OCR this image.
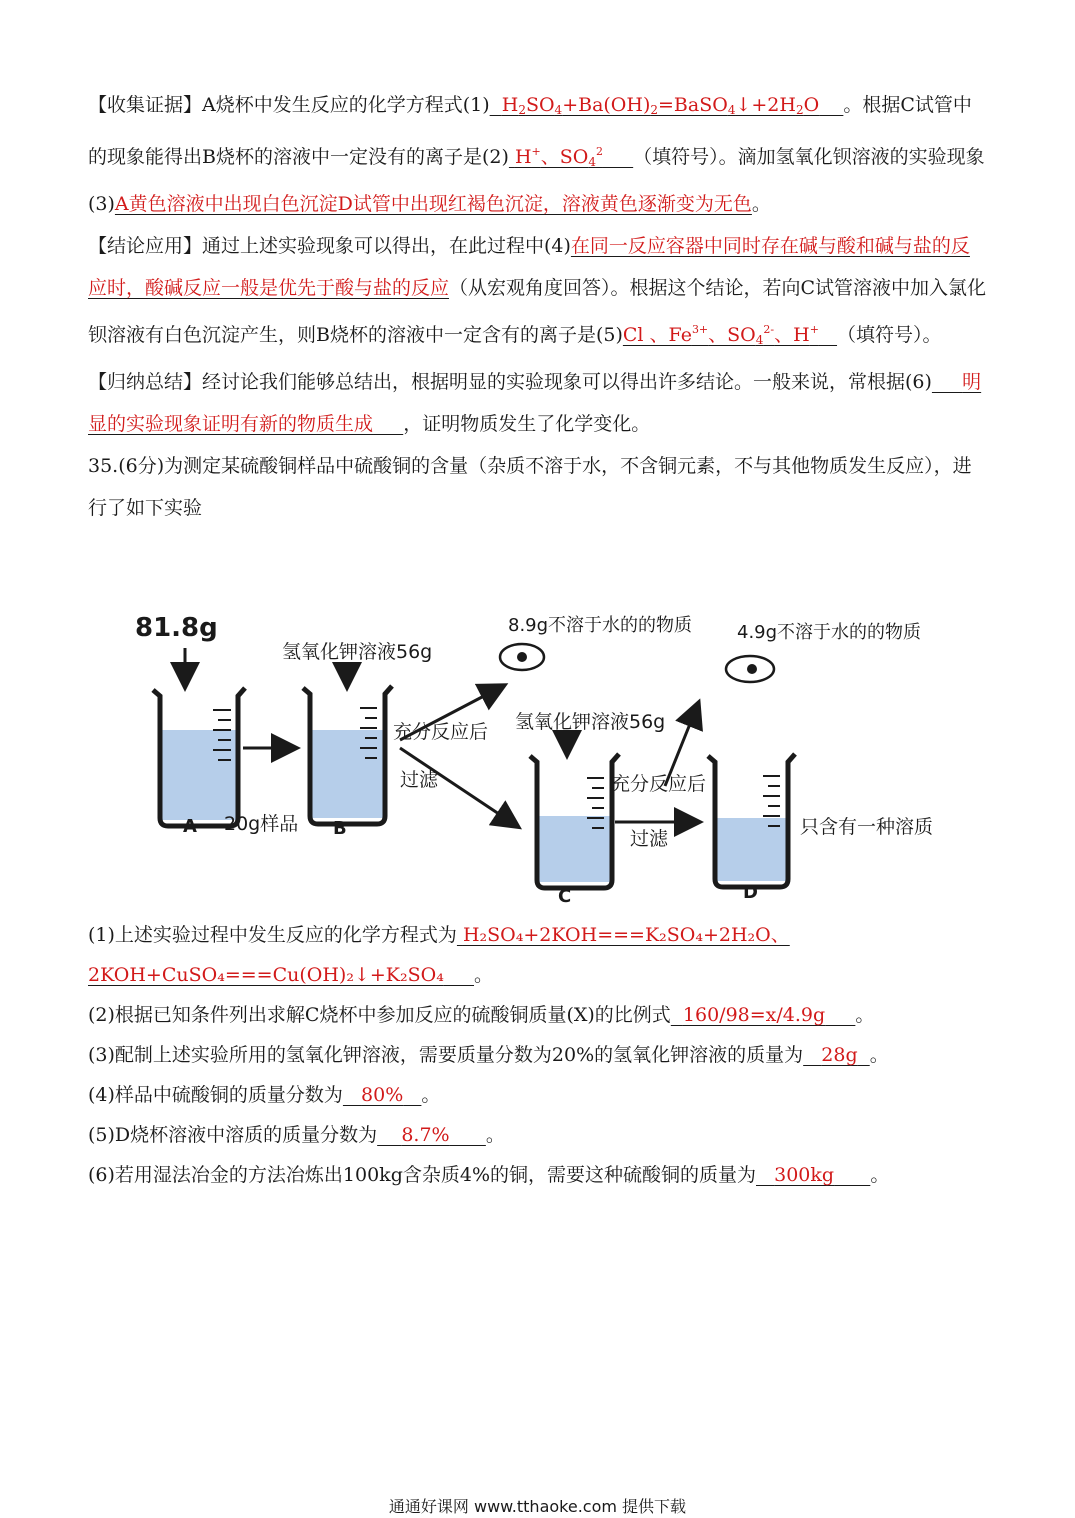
【收集证据】A烧杯中发生反应的化学方程式(1) $H_2SO_4+Ba(OH)_2=BaSO_4↓+2H_2O$ 。根据C试管中的现象能得出B烧杯的溶液中一定没有的离子是(2) H+、$SO_4^2$ （填符号）。滴加氢氧化钡溶液的实验现象(3)A黄色溶液中出现白色沉淀D试管中出现红褐色沉淀，溶液黄色逐渐变为无色。

【结论应用】通过上述实验现象可以得出，在此过程中(4)在同一反应容器中同时存在碱与酸和碱与盐的反应时，酸碱反应一般是优先于酸与盐的反应（从宏观角度回答）。根据这个结论，若向C试管溶液中加入氯化钡溶液有白色沉淀产生，则B烧杯的溶液中一定含有的离子是(5)Cl 、$Fe^{3+}$、$SO_4^{2-}$、H+ （填符号）。

【归纳总结】经讨论我们能够总结出，根据明显的实验现象可以得出许多结论。一般来说，常根据(6) 明显的实验现象证明有新的物质生成 ，证明物质发生了化学变化。

35.(6分)为测定某硫酸铜样品中硫酸铜的含量（杂质不溶于水，不含铜元素，不与其他物质发生反应），进行了如下实验

81.8g
氢氧化钾溶液56g
充分反应后
过滤
8.9g不溶于水的的物质
氢氧化钾溶液56g
充分反应后
过滤
4.9g不溶于水的的物质
A 20g样品 B
C	D
只含有一种溶质

(1)上述实验过程中发生反应的化学方程式为 H₂SO₄+2KOH===K₂SO₄+2H₂O、2KOH+CuSO₄===Cu(OH)₂↓+K₂SO₄ 。

(2)根据已知条件列出求解C烧杯中参加反应的硫酸铜质量(X)的比例式 160/98=x/4.9g 。

(3)配制上述实验所用的氢氧化钾溶液，需要质量分数为20%的氢氧化钾溶液的质量为 28g 。

(4)样品中硫酸铜的质量分数为 80% 。

(5)D烧杯溶液中溶质的质量分数为 8.7% 。

(6)若用湿法冶金的方法冶炼出100kg含杂质4%的铜，需要这种硫酸铜的质量为 300kg 。

通通好课网 www.tthaoke.com 提供下载
